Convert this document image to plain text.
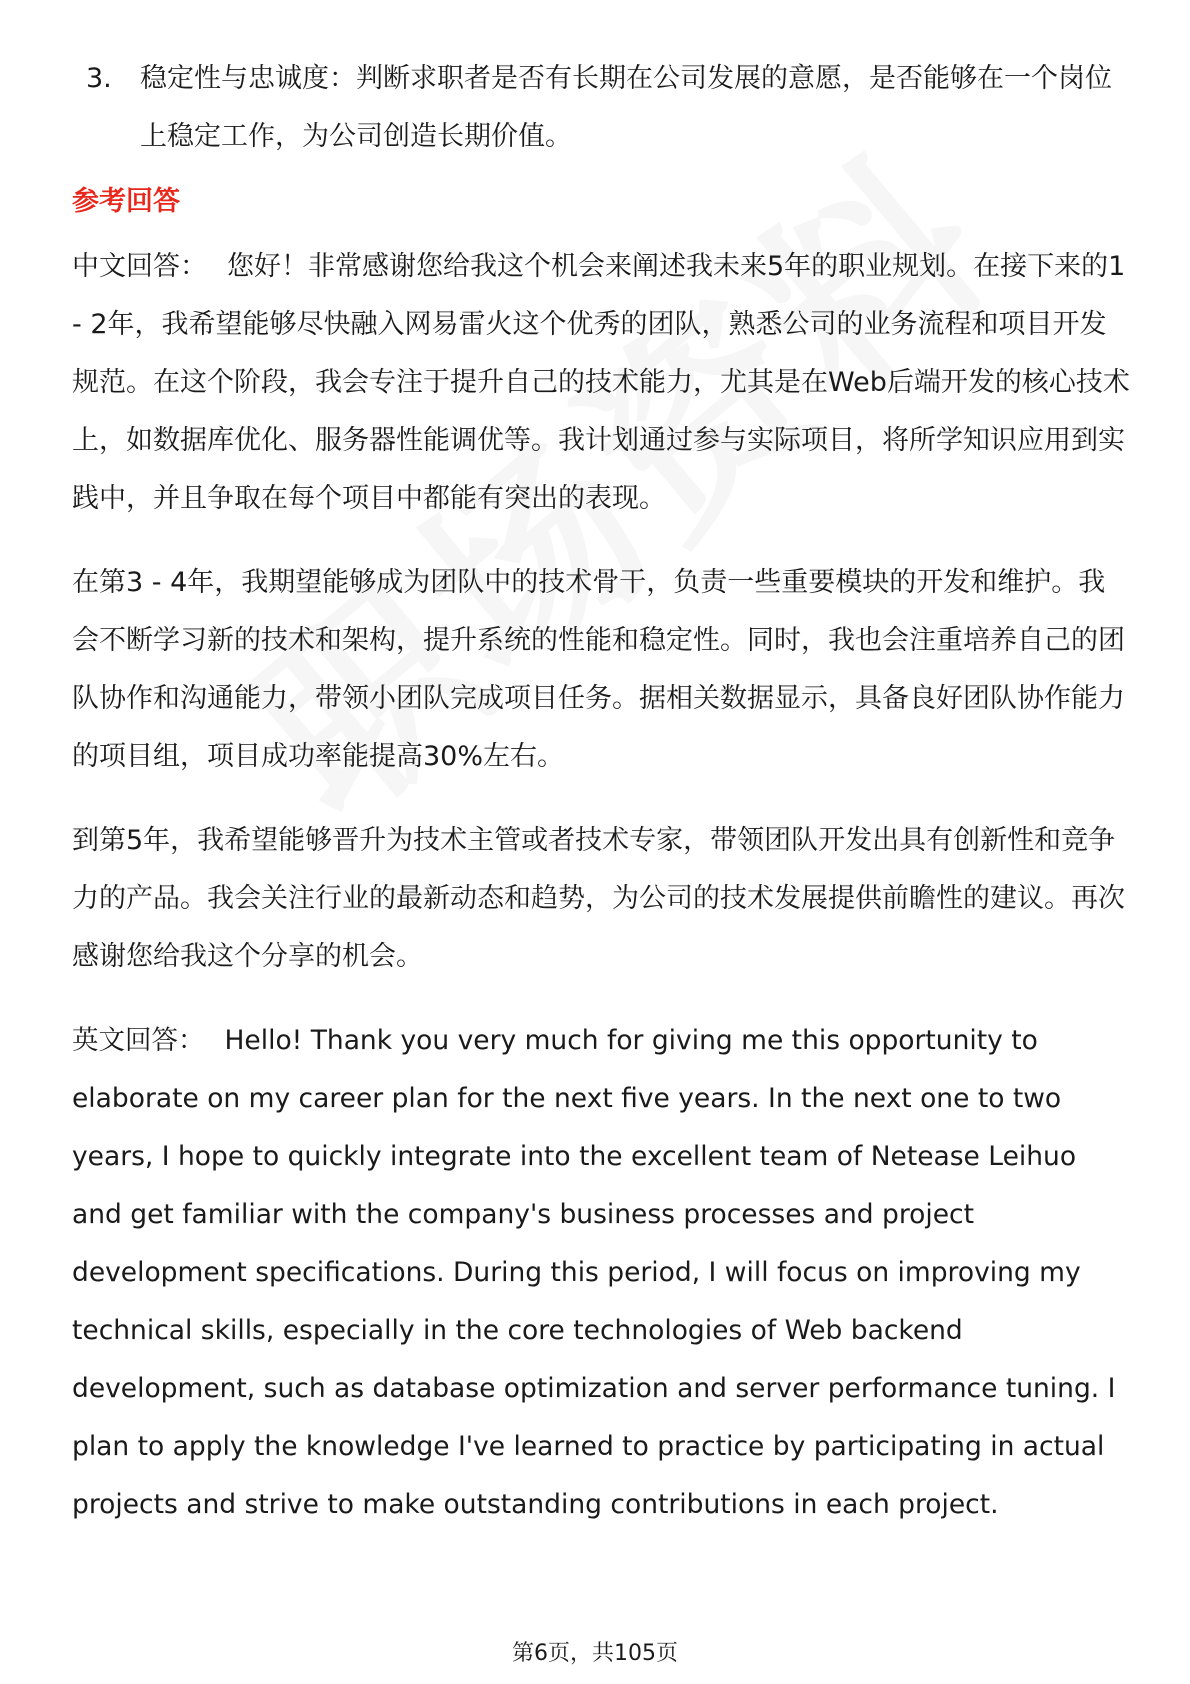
3. 稳定性与忠诚度：判断求职者是否有长期在公司发展的意愿，是否能够在一个岗位上稳定工作，为公司创造长期价值。
参考回答

中文回答： 您好！非常感谢您给我这个机会来阐述我未来5年的职业规划。在接下来的1 - 2年，我希望能够尽快融入网易雷火这个优秀的团队，熟悉公司的业务流程和项目开发规范。在这个阶段，我会专注于提升自己的技术能力，尤其是在Web后端开发的核心技术上，如数据库优化、服务器性能调优等。我计划通过参与实际项目，将所学知识应用到实践中，并且争取在每个项目中都能有突出的表现。

在第3 - 4年，我期望能够成为团队中的技术骨干，负责一些重要模块的开发和维护。我会不断学习新的技术和架构，提升系统的性能和稳定性。同时，我也会注重培养自己的团队协作和沟通能力，带领小团队完成项目任务。据相关数据显示，具备良好团队协作能力的项目组，项目成功率能提高30%左右。

到第5年，我希望能够晋升为技术主管或者技术专家，带领团队开发出具有创新性和竞争力的产品。我会关注行业的最新动态和趋势，为公司的技术发展提供前瞻性的建议。再次感谢您给我这个分享的机会。

英文回答： Hello! Thank you very much for giving me this opportunity to elaborate on my career plan for the next five years. In the next one to two years, I hope to quickly integrate into the excellent team of Netease Leihuo and get familiar with the company's business processes and project development specifications. During this period, I will focus on improving my technical skills, especially in the core technologies of Web backend development, such as database optimization and server performance tuning. I plan to apply the knowledge I've learned to practice by participating in actual projects and strive to make outstanding contributions in each project.

第6页，共105页
